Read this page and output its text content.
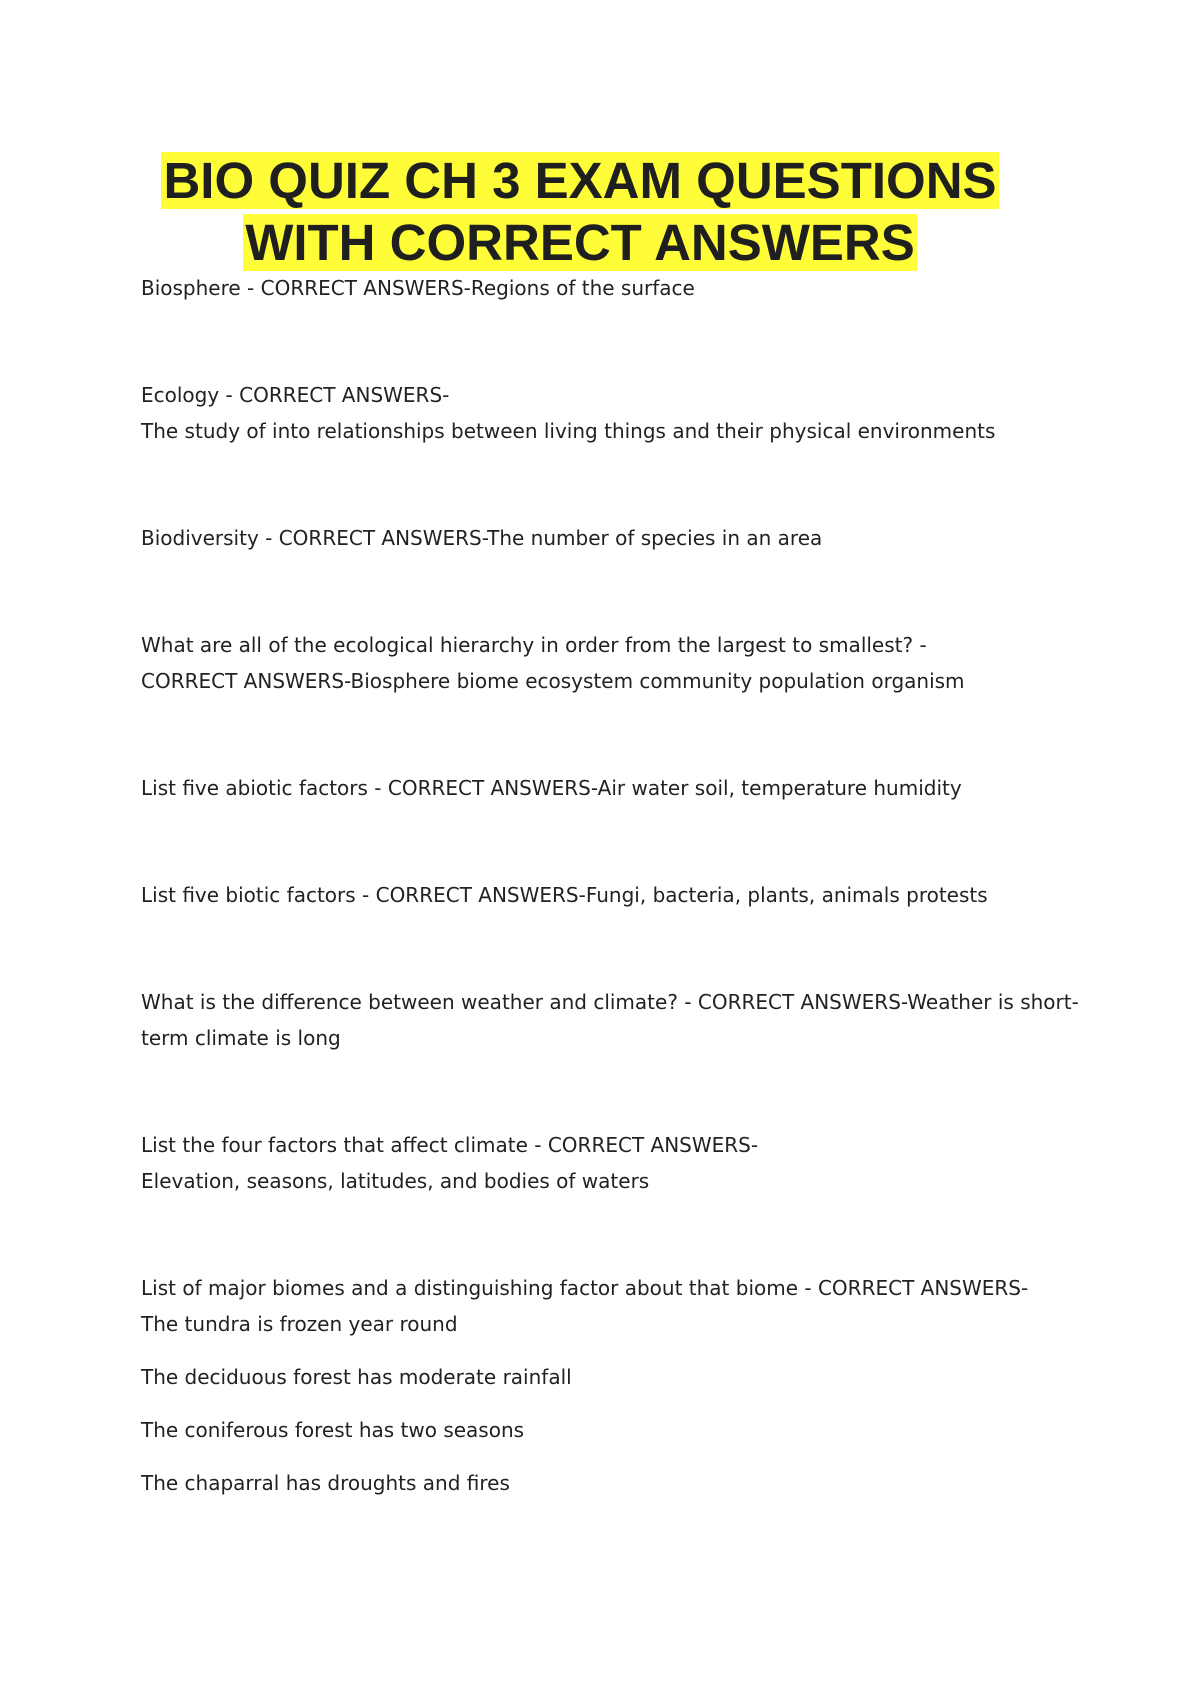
BIO QUIZ CH 3 EXAM QUESTIONS
WITH CORRECT ANSWERS
Biosphere - CORRECT ANSWERS-Regions of the surface
Ecology - CORRECT ANSWERS-
The study of into relationships between living things and their physical environments
Biodiversity - CORRECT ANSWERS-The number of species in an area
What are all of the ecological hierarchy in order from the largest to smallest? -
CORRECT ANSWERS-Biosphere biome ecosystem community population organism
List five abiotic factors - CORRECT ANSWERS-Air water soil, temperature humidity
List five biotic factors - CORRECT ANSWERS-Fungi, bacteria, plants, animals protests
What is the difference between weather and climate? - CORRECT ANSWERS-Weather is short-
term climate is long
List the four factors that affect climate - CORRECT ANSWERS-
Elevation, seasons, latitudes, and bodies of waters
List of major biomes and a distinguishing factor about that biome - CORRECT ANSWERS-
The tundra is frozen year round
The deciduous forest has moderate rainfall
The coniferous forest has two seasons
The chaparral has droughts and fires
